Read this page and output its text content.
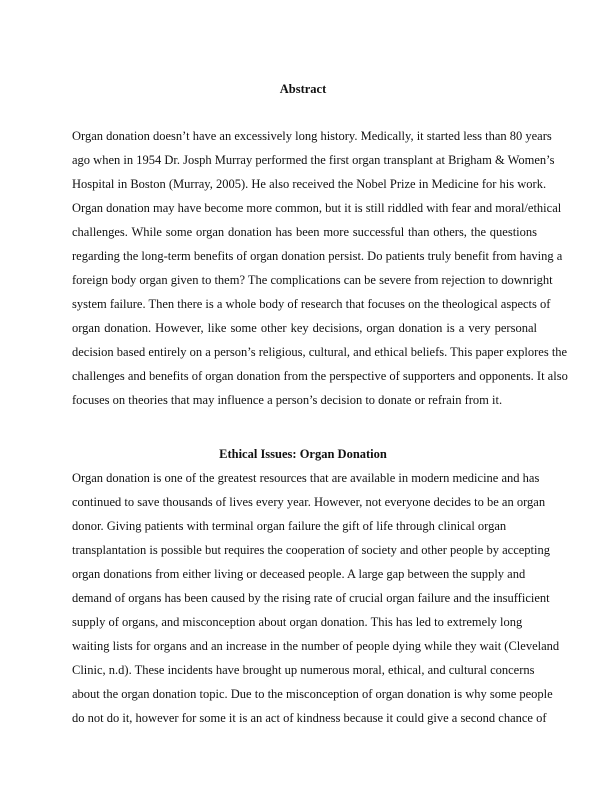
Abstract

Organ donation doesn’t have an excessively long history. Medically, it started less than 80 years

ago when in 1954 Dr. Josph Murray performed the first organ transplant at Brigham & Women’s

Hospital in Boston (Murray, 2005). He also received the Nobel Prize in Medicine for his work.

Organ donation may have become more common, but it is still riddled with fear and moral/ethical

challenges. While some organ donation has been more successful than others, the questions

regarding the long-term benefits of organ donation persist. Do patients truly benefit from having a

foreign body organ given to them? The complications can be severe from rejection to downright

system failure. Then there is a whole body of research that focuses on the theological aspects of

organ donation. However, like some other key decisions, organ donation is a very personal

decision based entirely on a person’s religious, cultural, and ethical beliefs. This paper explores the

challenges and benefits of organ donation from the perspective of supporters and opponents. It also

focuses on theories that may influence a person’s decision to donate or refrain from it.

Ethical Issues: Organ Donation

Organ donation is one of the greatest resources that are available in modern medicine and has

continued to save thousands of lives every year. However, not everyone decides to be an organ

donor. Giving patients with terminal organ failure the gift of life through clinical organ

transplantation is possible but requires the cooperation of society and other people by accepting

organ donations from either living or deceased people. A large gap between the supply and

demand of organs has been caused by the rising rate of crucial organ failure and the insufficient

supply of organs, and misconception about organ donation. This has led to extremely long

waiting lists for organs and an increase in the number of people dying while they wait (Cleveland

Clinic, n.d). These incidents have brought up numerous moral, ethical, and cultural concerns

about the organ donation topic. Due to the misconception of organ donation is why some people

do not do it, however for some it is an act of kindness because it could give a second chance of
